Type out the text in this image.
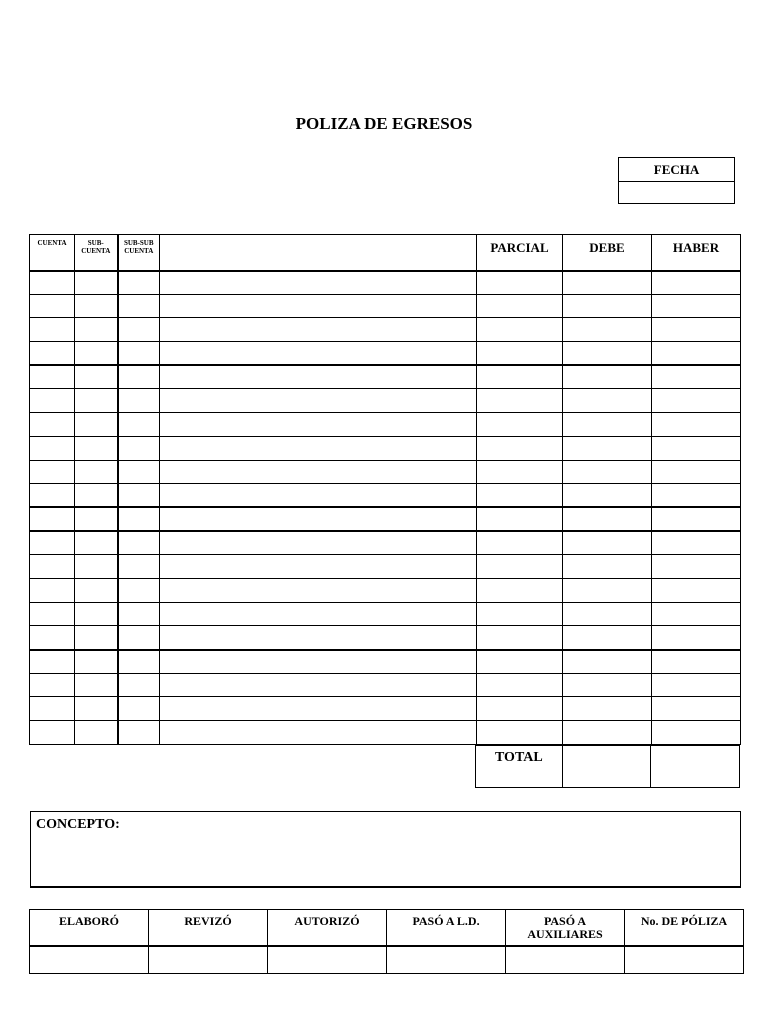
POLIZA DE EGRESOS
FECHA
CUENTA	SUB-CUENTA	SUB-SUB CUENTA		PARCIAL	DEBE	HABER

TOTAL
CONCEPTO:
ELABORÓ	REVIZÓ	AUTORIZÓ	PASÓ A L.D.	PASÓ A AUXILIARES	No. DE PÓLIZA
